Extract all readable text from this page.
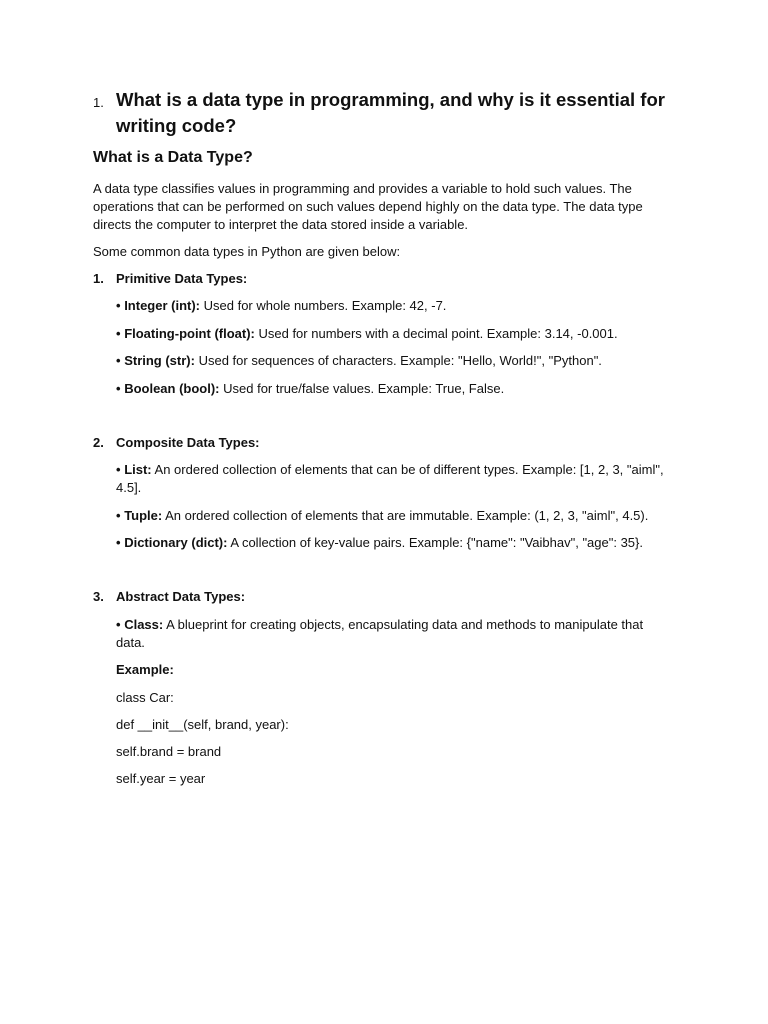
1. What is a data type in programming, and why is it essential for writing code?
What is a Data Type?
A data type classifies values in programming and provides a variable to hold such values. The operations that can be performed on such values depend highly on the data type. The data type directs the computer to interpret the data stored inside a variable.
Some common data types in Python are given below:
1. Primitive Data Types:
• Integer (int): Used for whole numbers. Example: 42, -7.
• Floating-point (float): Used for numbers with a decimal point. Example: 3.14, -0.001.
• String (str): Used for sequences of characters. Example: "Hello, World!", "Python".
• Boolean (bool): Used for true/false values. Example: True, False.
2. Composite Data Types:
• List: An ordered collection of elements that can be of different types. Example: [1, 2, 3, "aiml", 4.5].
• Tuple: An ordered collection of elements that are immutable. Example: (1, 2, 3, "aiml", 4.5).
• Dictionary (dict): A collection of key-value pairs. Example: {"name": "Vaibhav", "age": 35}.
3. Abstract Data Types:
• Class: A blueprint for creating objects, encapsulating data and methods to manipulate that data.
Example:
class Car:
def __init__(self, brand, year):
self.brand = brand
self.year = year
